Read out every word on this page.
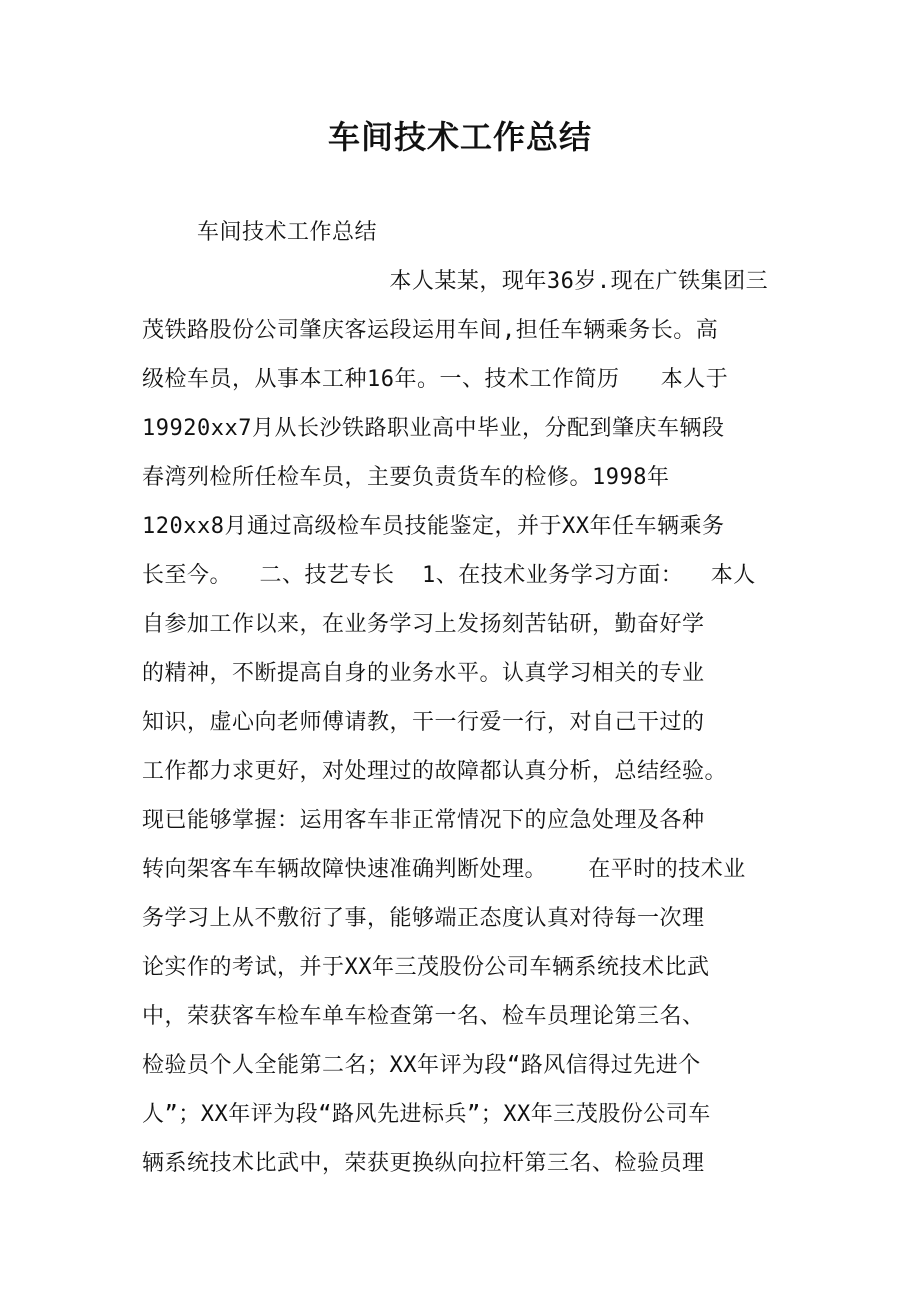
车间技术工作总结
车间技术工作总结
本人某某，现年36岁.现在广铁集团三
茂铁路股份公司肇庆客运段运用车间,担任车辆乘务长。高
级检车员，从事本工种16年。一、技术工作简历   本人于
19920xx7月从长沙铁路职业高中毕业，分配到肇庆车辆段
春湾列检所任检车员，主要负责货车的检修。1998年
120xx8月通过高级检车员技能鉴定，并于XX年任车辆乘务
长至今。  二、技艺专长  1、在技术业务学习方面：  本人
自参加工作以来，在业务学习上发扬刻苦钻研，勤奋好学
的精神，不断提高自身的业务水平。认真学习相关的专业
知识，虚心向老师傅请教，干一行爱一行，对自己干过的
工作都力求更好，对处理过的故障都认真分析，总结经验。
现已能够掌握：运用客车非正常情况下的应急处理及各种
转向架客车车辆故障快速准确判断处理。   在平时的技术业
务学习上从不敷衍了事，能够端正态度认真对待每一次理
论实作的考试，并于XX年三茂股份公司车辆系统技术比武
中，荣获客车检车单车检查第一名、检车员理论第三名、
检验员个人全能第二名；XX年评为段“路风信得过先进个
人”；XX年评为段“路风先进标兵”；XX年三茂股份公司车
辆系统技术比武中，荣获更换纵向拉杆第三名、检验员理
